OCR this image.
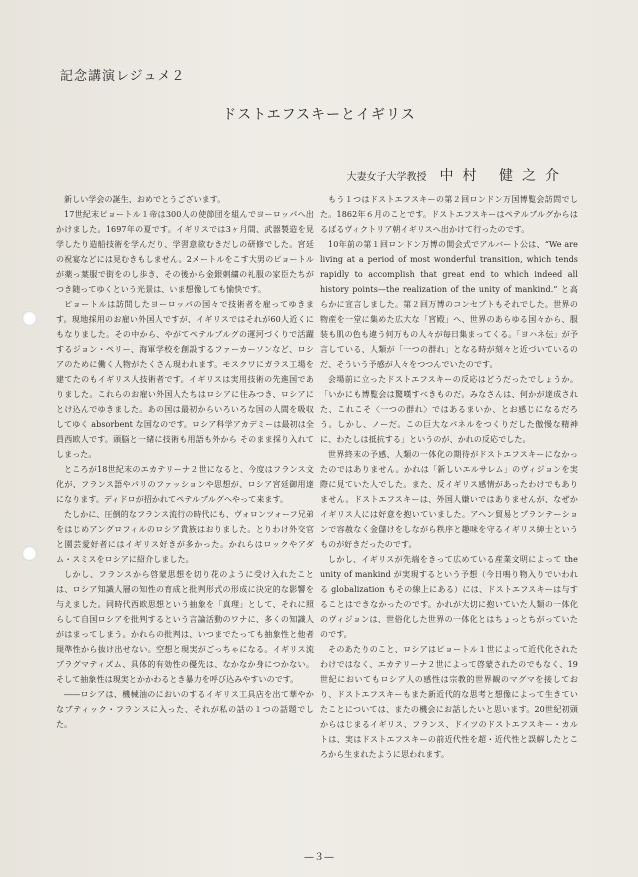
記念講演レジュメ２
ドストエフスキーとイギリス
大妻女子大学教授 中村 健之介

新しい学会の誕生、おめでとうございます。

17世紀末ピョートル１帝は300人の使節団を組んでヨーロッパへ出かけました。1697年の夏です。イギリスでは3ヶ月間、武器製造を見学したり造船技術を学んだり、学習意欲むきだしの研修でした。宮廷の祝宴などには見むきもしません。2メートルをこす大男のピョートルが薬っ葉服で街をのし歩き、その後から金銀刺繍の礼服の家臣たちがつき随ってゆくという光景は、いま想像しても愉快です。

ピョートルは訪問したヨーロッパの国々で技術者を雇ってゆきます。現地採用のお雇い外国人ですが、イギリスではそれが60人近くにもなりました。その中から、やがてペテルブルグの運河づくりで活躍するジョン・ペリー、海軍学校を創設するファーカーソンなど、ロシアのために働く人物がたくさん現われます。モスクワにガラス工場を建てたのもイギリス人技術者です。イギリスは実用技術の先進国でありました。これらのお雇い外国人たちはロシアに住みつき、ロシアにとけ込んでゆきました。あの国は最初からいろいろな国の人間を吸収してゆく absorbent な国なのです。ロシア科学アカデミーは最初は全員西欧人です。頭脳と一緒に技術も用語も外から そのまま採り入れてしまった。

ところが18世紀末のエカテリーナ２世になると、今度はフランス文化が、フランス語やパリのファッションや思想が、ロシア宮廷御用達になります。ディドロが招かれてペテルブルグへやって来ます。

たしかに、圧倒的なフランス流行の時代にも、ヴォロンツォーフ兄弟をはじめアングロフィルのロシア貴族はおりました。とりわけ外交官と園芸愛好者にはイギリス好きが多かった。かれらはロックやアダム・スミスをロシアに紹介しました。

しかし、フランスから啓蒙思想を切り花のように受け入れたことは、ロシア知識人層の知性の育成と批判形式の形成に決定的な影響を与えました。同時代西欧思想という抽象を「真理」として、それに照らして自国ロシアを批判するという言論活動のワナに、多くの知識人がはまってしまう。かれらの批判は、いつまでたっても抽象性と他者規準性から抜け出せない。空想と現実がごっちゃになる。イギリス流プラグマティズム、具体的有効性の優先は、なかなか身につかない。そして抽象性は現実とかかわるとき暴力を呼び込みやすいのです。

――ロシアは、機械油のにおいのするイギリス工具店を出て華やかなブティック・フランスに入った、それが私の話の１つの話題でした。

もう１つはドストエフスキーの第２回ロンドン万国博覧会訪問でした。1862年６月のことです。ドストエフスキーはペテルブルグからはるばるヴィクトリア朝イギリスへ出かけて行ったのです。

10年前の第１回ロンドン万博の開会式でアルバート公は、“We are living at a period of most wonderful transition, which tends rapidly to accomplish that great end to which indeed all history points—the realization of the unity of mankind.” と高らかに宣言しました。第２回万博のコンセプトもそれでした。世界の物産を一堂に集めた広大な「宮殿」へ、世界のあらゆる国々から、服装も肌の色も違う何万もの人々が毎日集まってくる。「ヨハネ伝」が予言している、人類が「一つの群れ」となる時が刻々と近づいているのだ、そういう予感が人々をつつんでいたのです。

会場前に立ったドストエフスキーの反応はどうだったでしょうか。「いかにも博覧会は驚嘆すべきものだ。みなさんは、何かが達成された、これこそ〈一つの群れ〉ではあるまいか、とお感じになるだろう。しかし、ノーだ。この巨大なパネルをつくりだした傲慢な精神に、わたしは抵抗する」というのが、かれの反応でした。

世界終末の予感、人類の一体化の期待がドストエフスキーになかったのではありません。かれは「新しいエルサレム」のヴィジョンを実際に見ていた人でした。また、反イギリス感情があったわけでもありません。ドストエフスキーは、外国人嫌いではありませんが、なぜかイギリス人には好意を抱いていました。アヘン貿易とプランテーションで容赦なく金儲けをしながら秩序と趣味を守るイギリス紳士というものが好きだったのです。

しかし、イギリスが先端をきって広めている産業文明によって the unity of mankind が実現するという予想（今日鳴り物入りでいわれる globalization もその線上にある）には、ドストエフスキーは与することはできなかったのです。かれが大切に抱いていた人類の一体化のヴィジョンは、世俗化した世界の一体化とはちょっとちがっていたのです。

そのあたりのこと、ロシアはピョートル１世によって近代化されたわけではなく、エカテリーナ２世によって啓蒙されたのでもなく、19世紀においてもロシア人の感性は宗教的世界観のマグマを接しており、ドストエフスキーもまた新近代的な思考と想像によって生きていたことについては、またの機会にお話したいと思います。20世紀初頭からはじまるイギリス、フランス、ドイツのドストエフスキー・カルトは、実はドストエフスキーの前近代性を超・近代性と誤解したところから生まれたように思われます。

—３—
